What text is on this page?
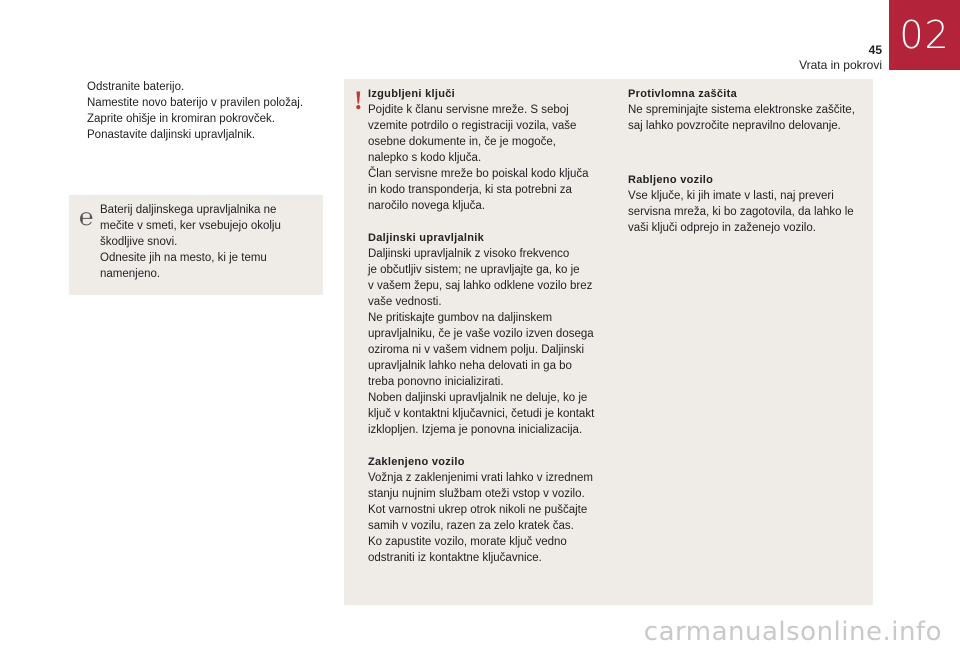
02
45
Vrata in pokrovi
Odstranite baterijo.
Namestite novo baterijo v pravilen položaj.
Zaprite ohišje in kromiran pokrovček.
Ponastavite daljinski upravljalnik.
℮ Baterij daljinskega upravljalnika ne
mečite v smeti, ker vsebujejo okolju
škodljive snovi.
Odnesite jih na mesto, ki je temu
namenjeno.
! Izgubljeni ključi

Pojdite k članu servisne mreže. S seboj
vzemite potrdilo o registraciji vozila, vaše
osebne dokumente in, če je mogoče,
nalepko s kodo ključa.
Član servisne mreže bo poiskal kodo ključa
in kodo transponderja, ki sta potrebni za
naročilo novega ključa.

Daljinski upravljalnik

Daljinski upravljalnik z visoko frekvenco
je občutljiv sistem; ne upravljajte ga, ko je
v vašem žepu, saj lahko odklene vozilo brez
vaše vednosti.
Ne pritiskajte gumbov na daljinskem
upravljalniku, če je vaše vozilo izven dosega
oziroma ni v vašem vidnem polju. Daljinski
upravljalnik lahko neha delovati in ga bo
treba ponovno inicializirati.
Noben daljinski upravljalnik ne deluje, ko je
ključ v kontaktni ključavnici, četudi je kontakt
izklopljen. Izjema je ponovna inicializacija.

Zaklenjeno vozilo

Vožnja z zaklenjenimi vrati lahko v izrednem
stanju nujnim službam oteži vstop v vozilo.
Kot varnostni ukrep otrok nikoli ne puščajte
samih v vozilu, razen za zelo kratek čas.
Ko zapustite vozilo, morate ključ vedno
odstraniti iz kontaktne ključavnice.

Protivlomna zaščita

Ne spreminjajte sistema elektronske zaščite,
saj lahko povzročite nepravilno delovanje.

Rabljeno vozilo

Vse ključe, ki jih imate v lasti, naj preveri
servisna mreža, ki bo zagotovila, da lahko le
vaši ključi odprejo in zaženejo vozilo.

carmanualsonline.info
